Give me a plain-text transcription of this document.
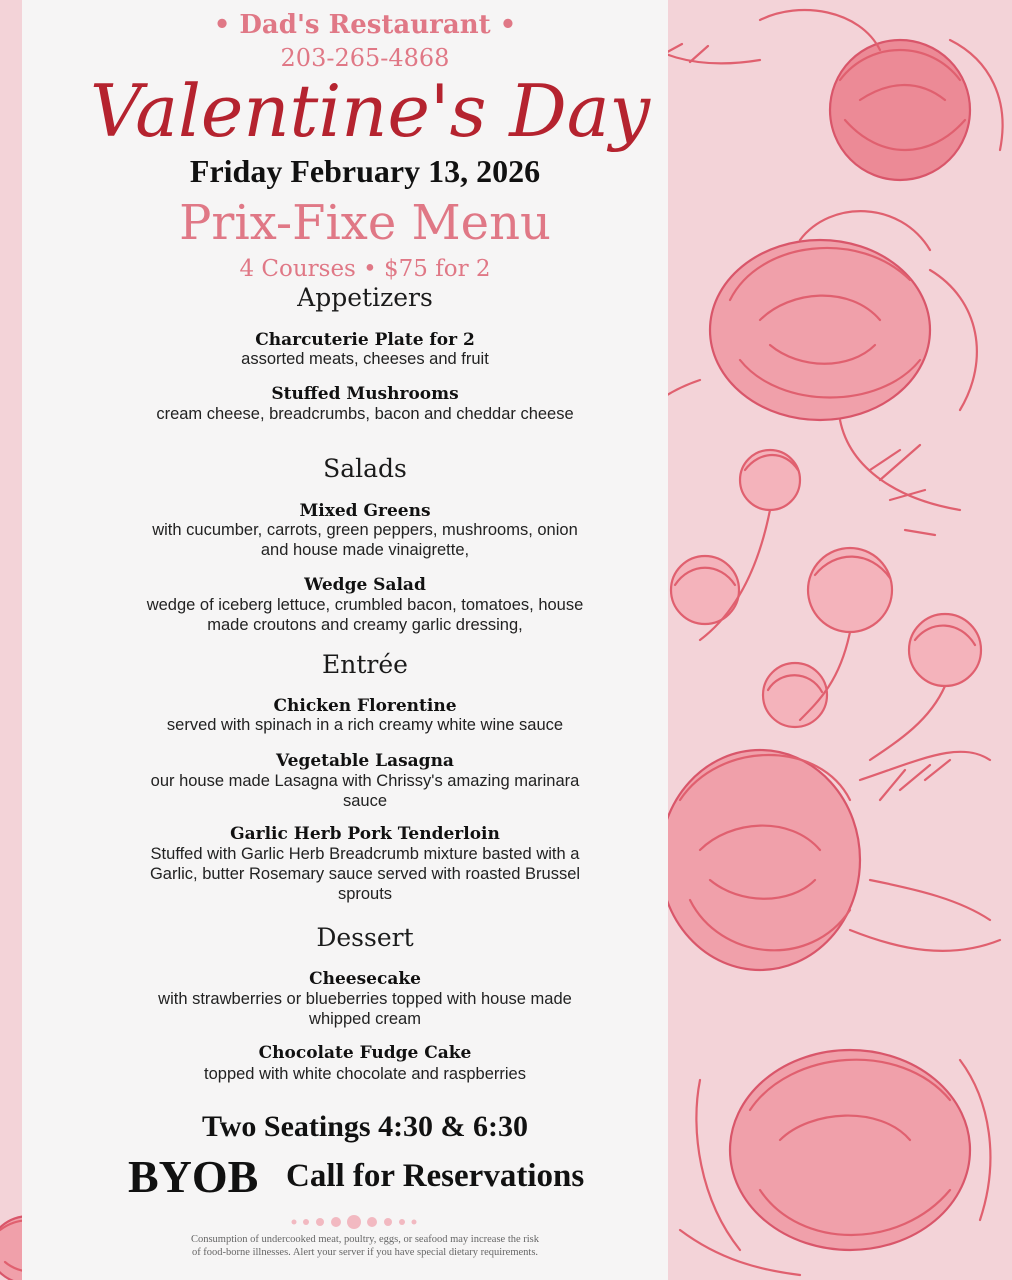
• Dad's Restaurant •

203-265-4868

Valentine's Day

Friday February 13, 2026

Prix-Fixe Menu

4 Courses • $75 for 2

Appetizers

Charcuterie Plate for 2

assorted meats, cheeses and fruit

Stuffed Mushrooms

cream cheese, breadcrumbs, bacon and cheddar cheese

Salads

Mixed Greens

with cucumber, carrots, green peppers, mushrooms, onion

and house made vinaigrette,

Wedge Salad

wedge of iceberg lettuce, crumbled bacon, tomatoes, house

made croutons and creamy garlic dressing,

Entrée

Chicken Florentine

served with spinach in a rich creamy white wine sauce

Vegetable Lasagna

our house made Lasagna with Chrissy's amazing marinara

sauce

Garlic Herb Pork Tenderloin

Stuffed with Garlic Herb Breadcrumb mixture basted with a

Garlic, butter Rosemary sauce served with roasted Brussel

sprouts

Dessert

Cheesecake

with strawberries or blueberries topped with house made

whipped cream

Chocolate Fudge Cake

topped with white chocolate and raspberries

Two Seatings 4:30 & 6:30

BYOB Call for Reservations

Consumption of undercooked meat, poultry, eggs, or seafood may increase the risk

of food-borne illnesses. Alert your server if you have special dietary requirements.
